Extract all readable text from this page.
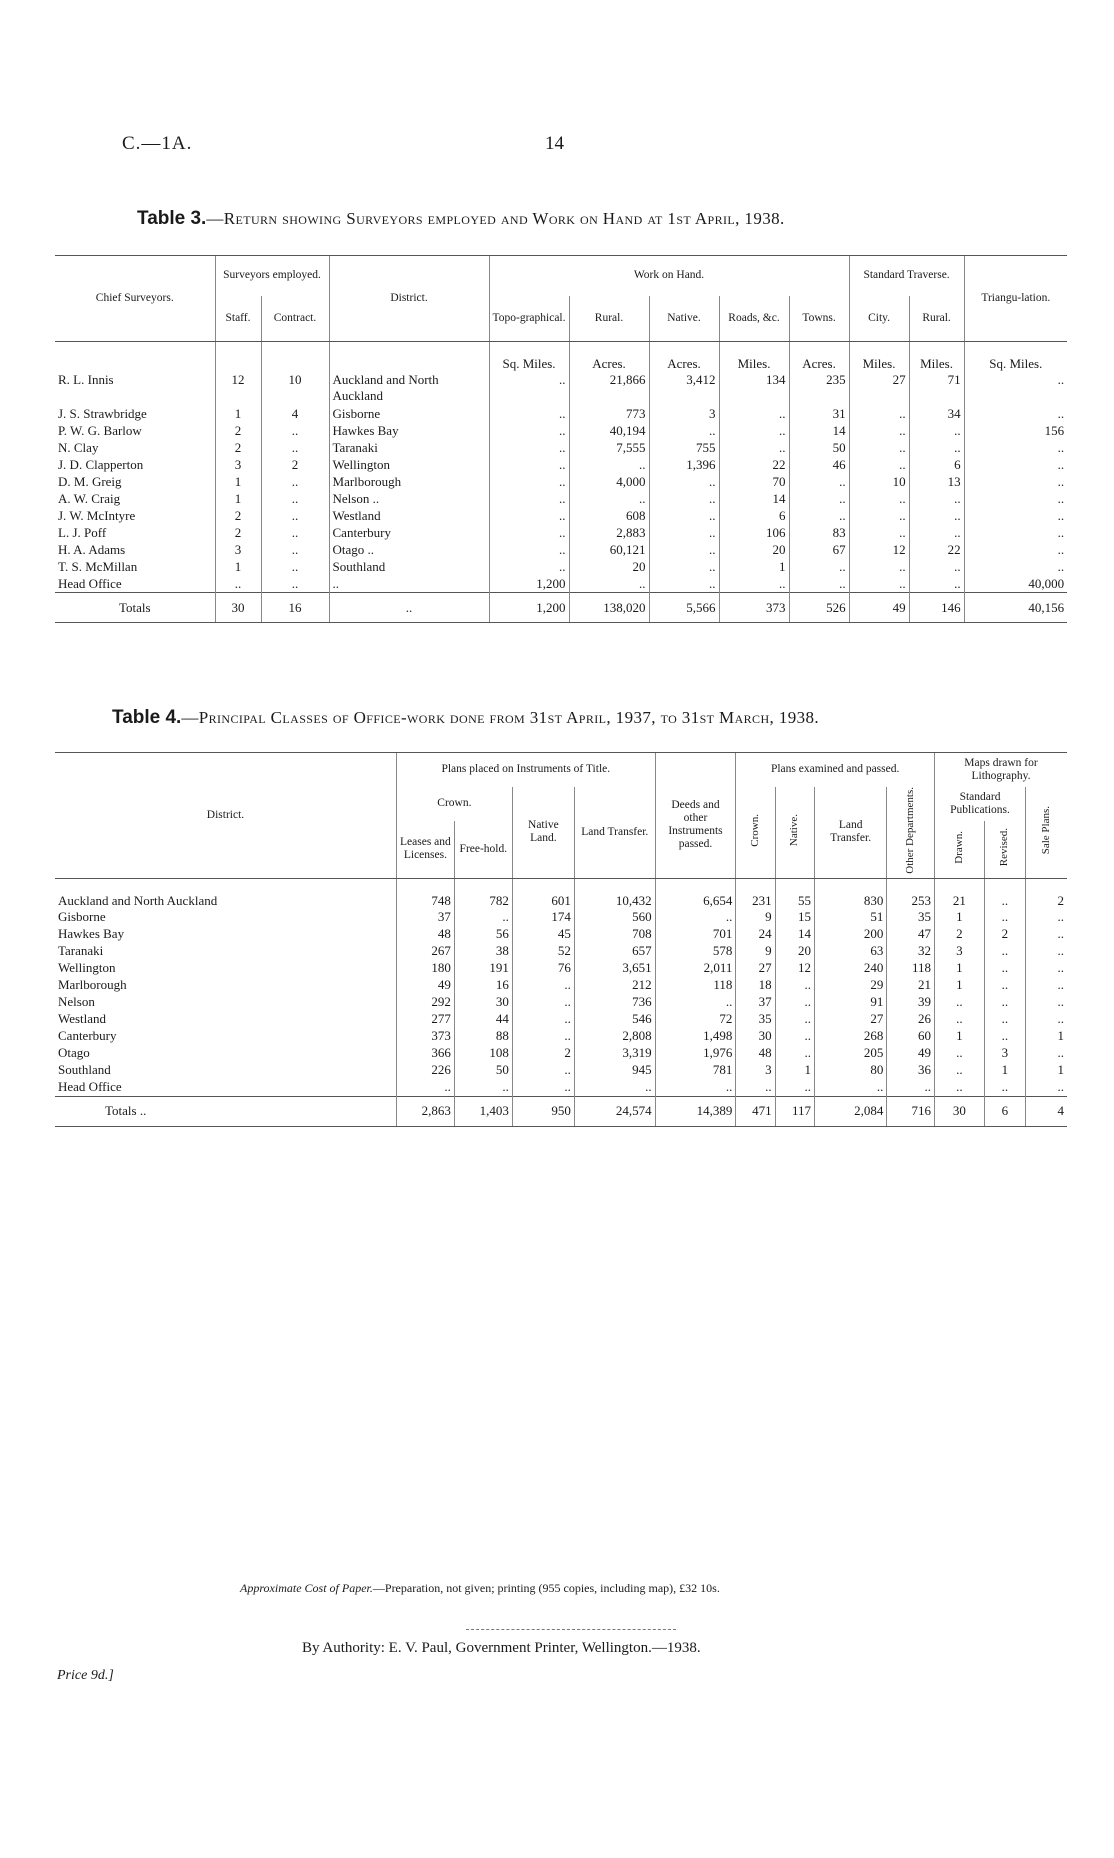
C.—1A.	14
Table 3.—Return showing Surveyors employed and Work on Hand at 1st April, 1938.
Chief Surveyors.	Surveyors employed.		District.	Work on Hand.					Standard Traverse.		Triangu-lation.
	Staff.	Contract.		Topo-graphical.	Rural.	Native.	Roads, &c.	Towns.	City.	Rural.	
				Sq. Miles.	Acres.	Acres.	Miles.	Acres.	Miles.	Miles.	Sq. Miles.
R. L. Innis	12	10	Auckland and North Auckland	..	21,866	3,412	134	235	27	71	..
J. S. Strawbridge	1	4	Gisborne	..	773	3	..	31	..	34	..
P. W. G. Barlow	2	..	Hawkes Bay	..	40,194	..	..	14	..	..	156
N. Clay	2	..	Taranaki	..	7,555	755	..	50	..	..	..
J. D. Clapperton	3	2	Wellington	..	..	1,396	22	46	..	6	..
D. M. Greig	1	..	Marlborough	..	4,000	..	70	..	10	13	..
A. W. Craig	1	..	Nelson ..	..	..	..	14	..	..	..	..
J. W. McIntyre	2	..	Westland	..	608	..	6	..	..	..	..
L. J. Poff	2	..	Canterbury	..	2,883	..	106	83	..	..	..
H. A. Adams	3	..	Otago ..	..	60,121	..	20	67	12	22	..
T. S. McMillan	1	..	Southland	..	20	..	1	..	..	..	..
Head Office	..	..	..	1,200	..	..	..	..	..	..	40,000
Totals	30	16	..	1,200	138,020	5,566	373	526	49	146	40,156
Table 4.—Principal Classes of Office-work done from 31st April, 1937, to 31st March, 1938.
District.	Plans placed on Instruments of Title.				Deeds and other Instruments passed.	Plans examined and passed.				Maps drawn for Lithography.		
	Crown.		Native Land.	Land Transfer.		Crown.	Native.	Land Transfer.	Other Departments.	Standard Publications.		Sale Plans.
	Leases and Licenses.	Free-hold.								Drawn.	Revised.	

Auckland and North Auckland	748	782	601	10,432	6,654	231	55	830	253	21	..	2
Gisborne	37	..	174	560	..	9	15	51	35	1	..	..
Hawkes Bay	48	56	45	708	701	24	14	200	47	2	2	..
Taranaki	267	38	52	657	578	9	20	63	32	3	..	..
Wellington	180	191	76	3,651	2,011	27	12	240	118	1	..	..
Marlborough	49	16	..	212	118	18	..	29	21	1	..	..
Nelson	292	30	..	736	..	37	..	91	39	..	..	..
Westland	277	44	..	546	72	35	..	27	26	..	..	..
Canterbury	373	88	..	2,808	1,498	30	..	268	60	1	..	1
Otago	366	108	2	3,319	1,976	48	..	205	49	..	3	..
Southland	226	50	..	945	781	3	1	80	36	..	1	1
Head Office	..	..	..	..	..	..	..	..	..	..	..	..
Totals ..	2,863	1,403	950	24,574	14,389	471	117	2,084	716	30	6	4
Approximate Cost of Paper.—Preparation, not given; printing (955 copies, including map), £32 10s.
By Authority: E. V. Paul, Government Printer, Wellington.—1938.
Price 9d.]
